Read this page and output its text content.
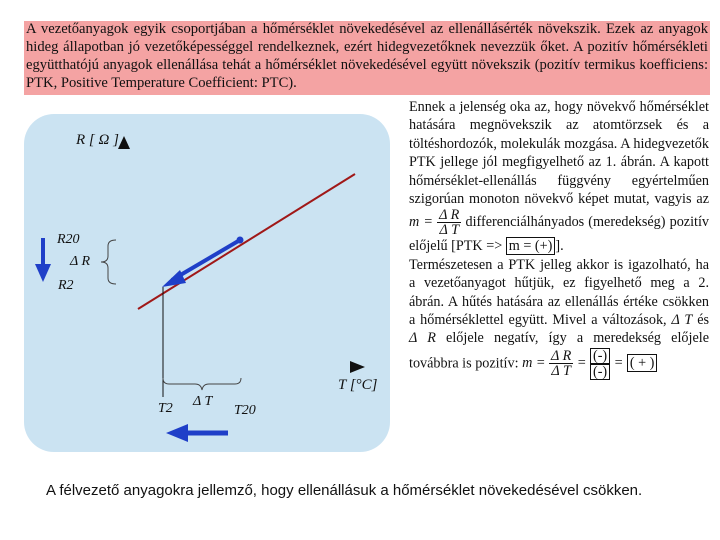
A vezetőanyagok egyik csoportjában a hőmérséklet növekedésével az ellenállásérték növekszik. Ezek az anyagok hideg állapotban jó vezetőképességgel rendelkeznek, ezért hidegvezetőknek nevezzük őket. A pozitív hőmérsékleti együtthatójú anyagok ellenállása tehát a hőmérséklet növekedésével együtt növekszik (pozitív termikus koefficiens: PTK, Positive Temperature Coefficient: PTC).

R [ Ω ]
T [°C]
R20
Δ R
R2
T2 Δ T
T20

Ennek a jelenség oka az, hogy növekvő hőmérséklet hatására megnövekszik az atomtörzsek és a töltéshordozók, molekulák mozgása. A hidegvezetők PTK jellege jól megfigyelhető az 1. ábrán. A kapott hőmérséklet-ellenállás függvény egyértelműen szigorúan monoton növekvő képet mutat, vagyis az $m = \frac{\text{Δ R}}{\text{Δ T}}$ differenciálhányados (meredekség) pozitív előjelű [PTK => m = (+) ].

Természetesen a PTK jelleg akkor is igazolható, ha a vezetőanyagot hűtjük, ez figyelhető meg a 2. ábrán. A hűtés hatására az ellenállás értéke csökken a hőmérséklettel együtt. Mivel a változások, Δ T és Δ R előjele negatív, így a meredekség előjele továbbra is pozitív: $m = \frac{\text{Δ R}}{\text{Δ T}} = \frac{(-)}{(-)}$ = ( + )

A félvezető anyagokra jellemző, hogy ellenállásuk a hőmérséklet növekedésével csökken.
